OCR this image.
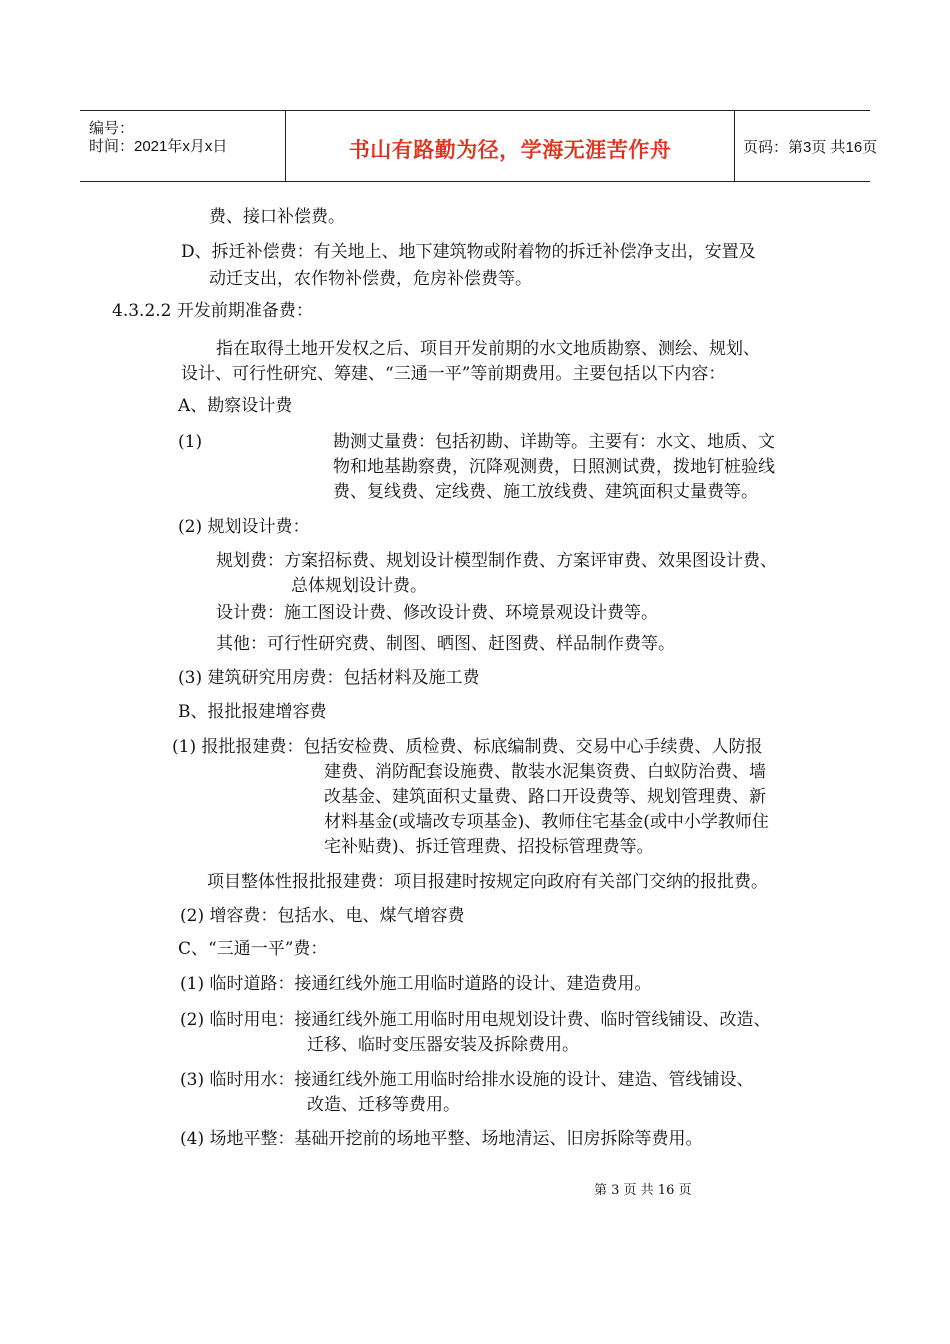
编号：
时间：2021年x月x日	书山有路勤为径，学海无涯苦作舟	页码：第3页 共16页
费、接口补偿费。
D、拆迁补偿费：有关地上、地下建筑物或附着物的拆迁补偿净支出，安置及
动迁支出，农作物补偿费，危房补偿费等。
4.3.2.2 开发前期准备费：
指在取得土地开发权之后、项目开发前期的水文地质勘察、测绘、规划、
设计、可行性研究、筹建、“三通一平”等前期费用。主要包括以下内容：
A、勘察设计费
(1)	勘测丈量费：包括初勘、详勘等。主要有：水文、地质、文
物和地基勘察费，沉降观测费，日照测试费，拨地钉桩验线
费、复线费、定线费、施工放线费、建筑面积丈量费等。
(2) 规划设计费：
规划费：方案招标费、规划设计模型制作费、方案评审费、效果图设计费、
总体规划设计费。
设计费：施工图设计费、修改设计费、环境景观设计费等。
其他：可行性研究费、制图、晒图、赶图费、样品制作费等。
(3) 建筑研究用房费：包括材料及施工费
B、报批报建增容费
(1) 报批报建费：包括安检费、质检费、标底编制费、交易中心手续费、人防报
建费、消防配套设施费、散装水泥集资费、白蚁防治费、墙
改基金、建筑面积丈量费、路口开设费等、规划管理费、新
材料基金(或墙改专项基金)、教师住宅基金(或中小学教师住
宅补贴费)、拆迁管理费、招投标管理费等。
项目整体性报批报建费：项目报建时按规定向政府有关部门交纳的报批费。
(2) 增容费：包括水、电、煤气增容费
C、“三通一平”费：
(1) 临时道路：接通红线外施工用临时道路的设计、建造费用。
(2) 临时用电：接通红线外施工用临时用电规划设计费、临时管线铺设、改造、
迁移、临时变压器安装及拆除费用。
(3) 临时用水：接通红线外施工用临时给排水设施的设计、建造、管线铺设、
改造、迁移等费用。
(4) 场地平整：基础开挖前的场地平整、场地清运、旧房拆除等费用。
第 3 页 共 16 页
